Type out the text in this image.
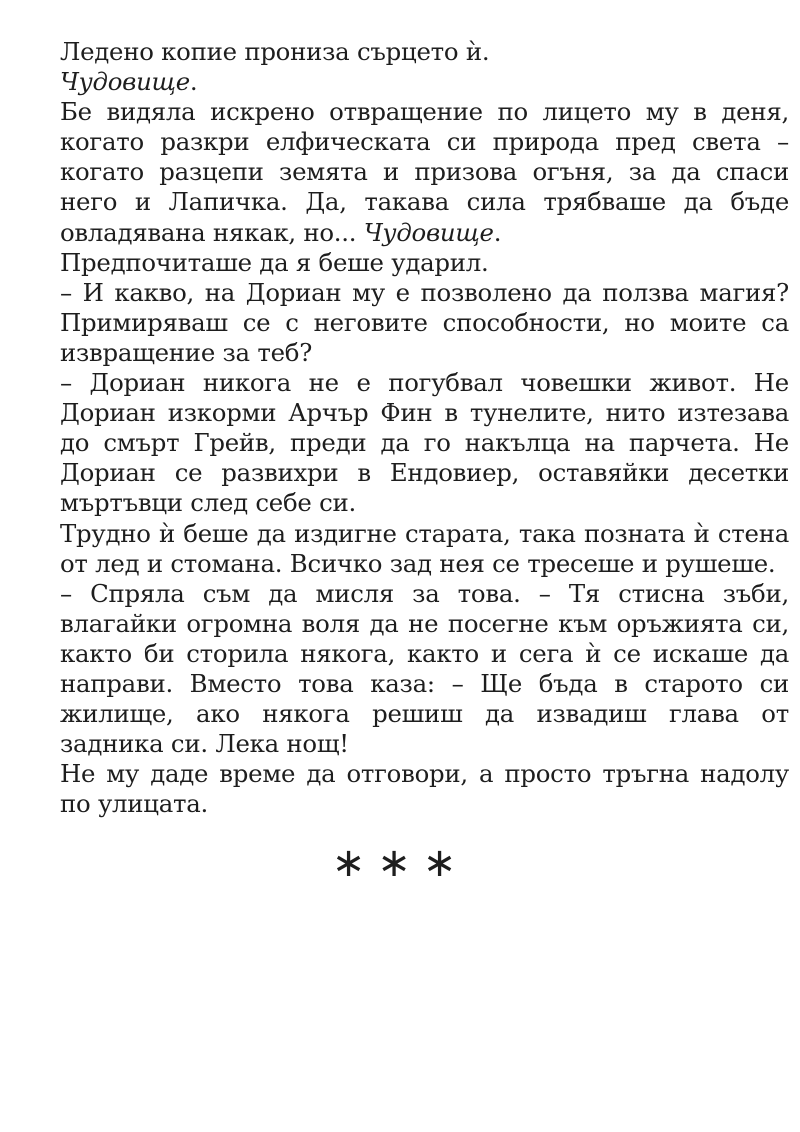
Ледено копие прониза сърцето ѝ.

Чудовище.

Бе видяла искрено отвращение по лицето му в деня, когато разкри елфическата си природа пред света – когато разцепи земята и призова огъня, за да спаси него и Лапичка. Да, такава сила трябваше да бъде овладявана някак, но... Чудовище.

Предпочиташе да я беше ударил.

– И какво, на Дориан му е позволено да ползва магия? Примиряваш се с неговите способности, но моите са извращение за теб?

– Дориан никога не е погубвал човешки живот. Не Дориан изкорми Арчър Фин в тунелите, нито изтезава до смърт Грейв, преди да го накълца на парчета. Не Дориан се развихри в Ендовиер, оставяйки десетки мъртъвци след себе си.

Трудно ѝ беше да издигне старата, така позната ѝ стена от лед и стомана. Всичко зад нея се тресеше и рушеше.

– Спряла съм да мисля за това. – Тя стисна зъби, влагайки огромна воля да не посегне към оръжията си, както би сторила някога, както и сега ѝ се искаше да направи. Вместо това каза: – Ще бъда в старото си жилище, ако някога решиш да извадиш глава от задника си. Лека нощ!

Не му даде време да отговори, а просто тръгна надолу по улицата.

∗∗∗
